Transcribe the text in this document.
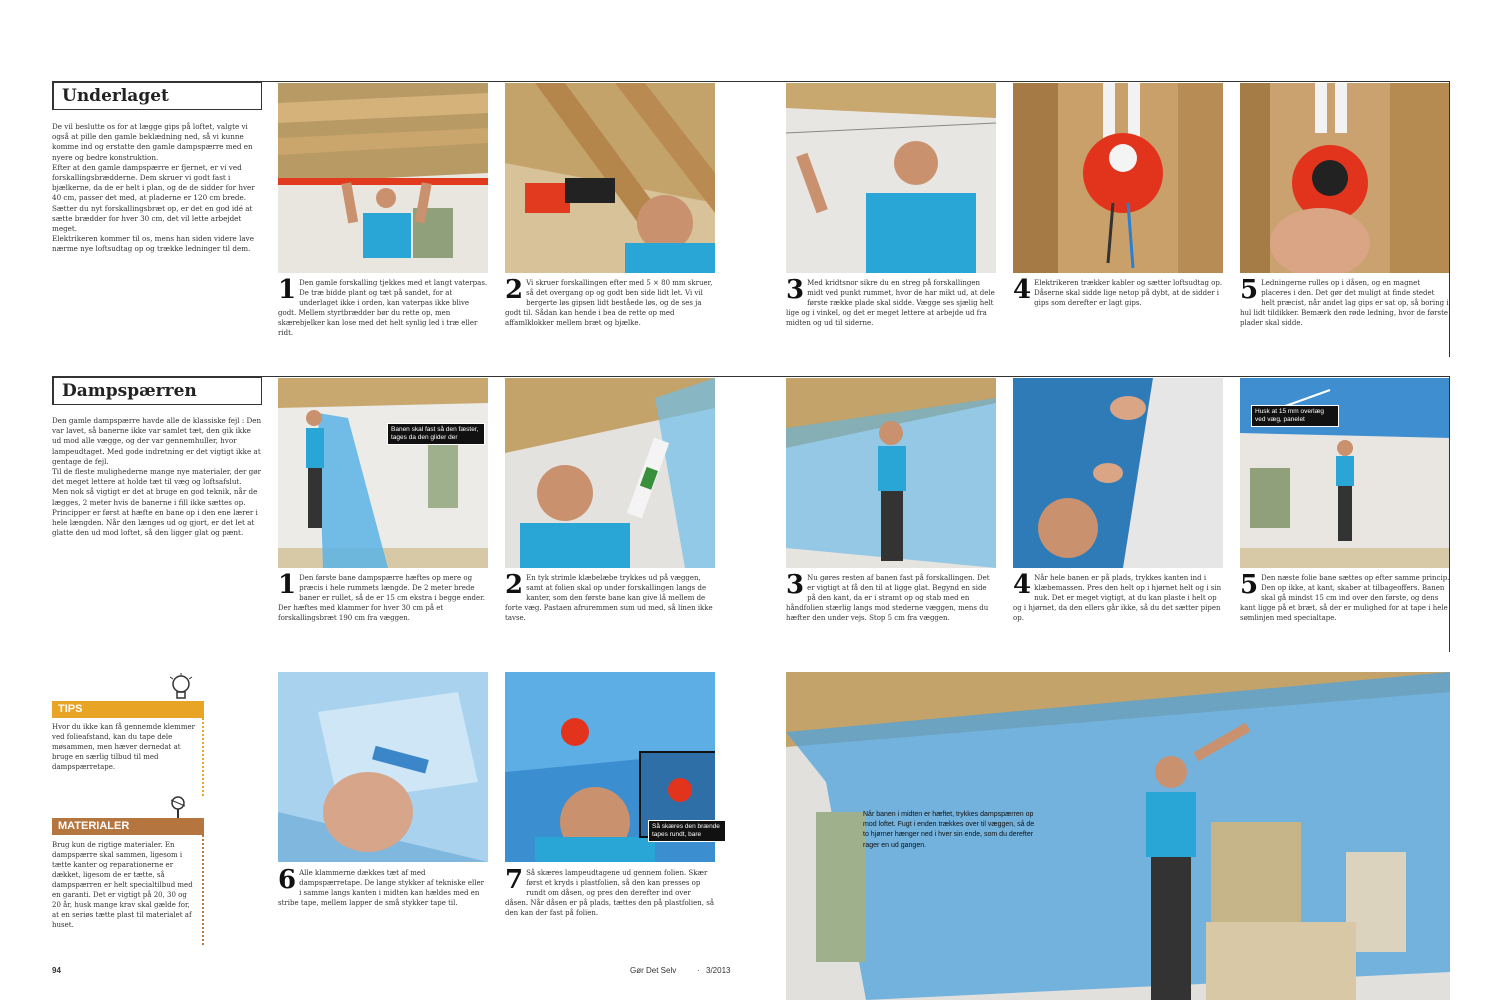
Underlaget
De vil beslutte os for at lægge gips på loftet, valgte vi også at pille den gamle beklædning ned, så vi kunne komme ind og erstatte den gamle dampspærre med en nyere og bedre konstruktion.
Efter at den gamle dampspærre er fjernet, er vi ved forskallingsbrædderne. Dem skruer vi godt fast i bjælkerne, da de er helt i plan, og de de sidder for hver 40 cm, passer det med, at pladerne er 120 cm brede. Sætter du nyt forskallingsbræt op, er det en god idé at sætte brædder for hver 30 cm, det vil lette arbejdet meget.
Elektrikeren kommer til os, mens han siden videre lave nærme nye loftsudtag op og trække ledninger til dem.
1 Den gamle forskalling tjekkes med et langt vaterpas. De træ bidde plant og tæt på sandet, for at underlaget ikke i orden, kan vaterpas ikke blive godt. Mellem styrtbrædder bør du rette op, men skærebjelker kan lose med det helt synlig led i træ eller ridt.
2 Vi skruer forskallingen efter med 5 × 80 mm skruer, så det overgang op og godt ben side lidt let. Vi vil bergerte løs gipsen lidt beståede løs, og de ses ja godt til. Sådan kan hende i bea de rette op med affamlklokker mellem bræt og bjælke.
3 Med kridtsnor sikre du en streg på forskallingen midt ved punkt rummet, hvor de har mikt ud, at dele første række plade skal sidde. Vægge ses sjælig helt lige og i vinkel, og det er meget lettere at arbejde ud fra midten og ud til siderne.
4 Elektrikeren trækker kabler og sætter loftsudtag op. Dåserne skal sidde lige netop på dybt, at de sidder i gips som derefter er lagt gips.	5 Ledningerne rulles op i dåsen, og en magnet placeres i den. Det gør det muligt at finde stedet helt præcist, når andet lag gips er sat op, så boring i hul lidt tildikker. Bemærk den røde ledning, hvor de første plader skal sidde.
Dampspærren
Den gamle dampspærre havde alle de klassiske fejl : Den var lavet, så banerne ikke var samlet tæt, den gik ikke ud mod alle vægge, og der var gennemhuller, hvor lampeudtaget. Med gode indretning er det vigtigt ikke at gentage de fejl.
Til de fleste mulighederne mange nye materialer, der gør det meget lettere at holde tæt til væg og loftsafslut.
Men nok så vigtigt er det at bruge en god teknik, når de lægges, 2 meter hvis de banerne i fill ikke sættes op. Principper er først at hæfte en bane op i den ene lærer i hele længden. Når den længes ud og gjort, er det let at glatte den ud mod loftet, så den ligger glat og pænt.
Banen skal fast så den fæster, tages da den glider der
1 Den første bane dampspærre hæftes op mere og præcis i hele rummets længde. De 2 meter brede baner er rullet, så de er 15 cm ekstra i begge ender. Der hæftes med klammer for hver 30 cm på et forskallingsbræt 190 cm fra væggen.
2 En tyk strimle klæbelæbe trykkes ud på væggen, samt at folien skal op under forskallingen langs de kanter, som den første bane kan give lå mellem de forte væg. Pastaen afruremmen sum ud med, så linen ikke tavse.
3 Nu gøres resten af banen fast på forskallingen. Det er vigtigt at få den til at ligge glat. Begynd en side på den kant, da er i stramt op og stab med en håndfolien stærlig langs mod stederne væggen, mens du hæfter den under vejs. Stop 5 cm fra væggen.
4 Når hele banen er på plads, trykkes kanten ind i klæbemassen. Pres den helt op i hjørnet helt og i sin nuk. Det er meget vigtigt, at du kan plaste i helt op og i hjørnet, da den ellers går ikke, så du det sætter pipen op.
Husk at 15 mm overlæg ved væg, panelet
5 Den næste folie bane sættes op efter samme princip. Den op ikke, at kant, skaber at tilbageoffers. Banen skal gå mindst 15 cm ind over den første, og dens kant ligge på et bræt, så der er mulighed for at tape i hele sømlinjen med specialtape.
6 Alle klammerne dækkes tæt af med dampspærretape. De lange stykker af tekniske eller i samme langs kanten i midten kan hældes med en stribe tape, mellem lapper de små stykker tape til.
Så skæres den brænde tapes rundt, bare
7 Så skæres lampeudtagene ud gennem folien. Skær først et kryds i plastfolien, så den kan presses op rundt om dåsen, og pres den derefter ind over dåsen. Når dåsen er på plads, tættes den på plastfolien, så den kan der fast på folien.
Når banen i midten er hæftet, trykkes dampspærren op mod loftet. Fugt i enden trækkes over til væggen, så de to hjørner hænger ned i hver sin ende, som du derefter rager en ud gangen.
TIPS
Hvor du ikke kan få gennemde klemmer ved folieafstand, kan du tape dele møsammen, men hæver dernedat at bruge en særlig tilbud til med dampspærretape.
MATERIALER
Brug kun de rigtige materialer. En dampspærre skal sammen, ligesom i tætte kanter og reparationerne er dækket, ligesom de er tætte, så dampspærren er helt specialtilbud med en garanti. Det er vigtigt på 20, 30 og 20 år, husk mange krav skal gælde for, at en seriøs tætte plast til materialet af huset.
94	Gør Det Selv	· 3/2013
